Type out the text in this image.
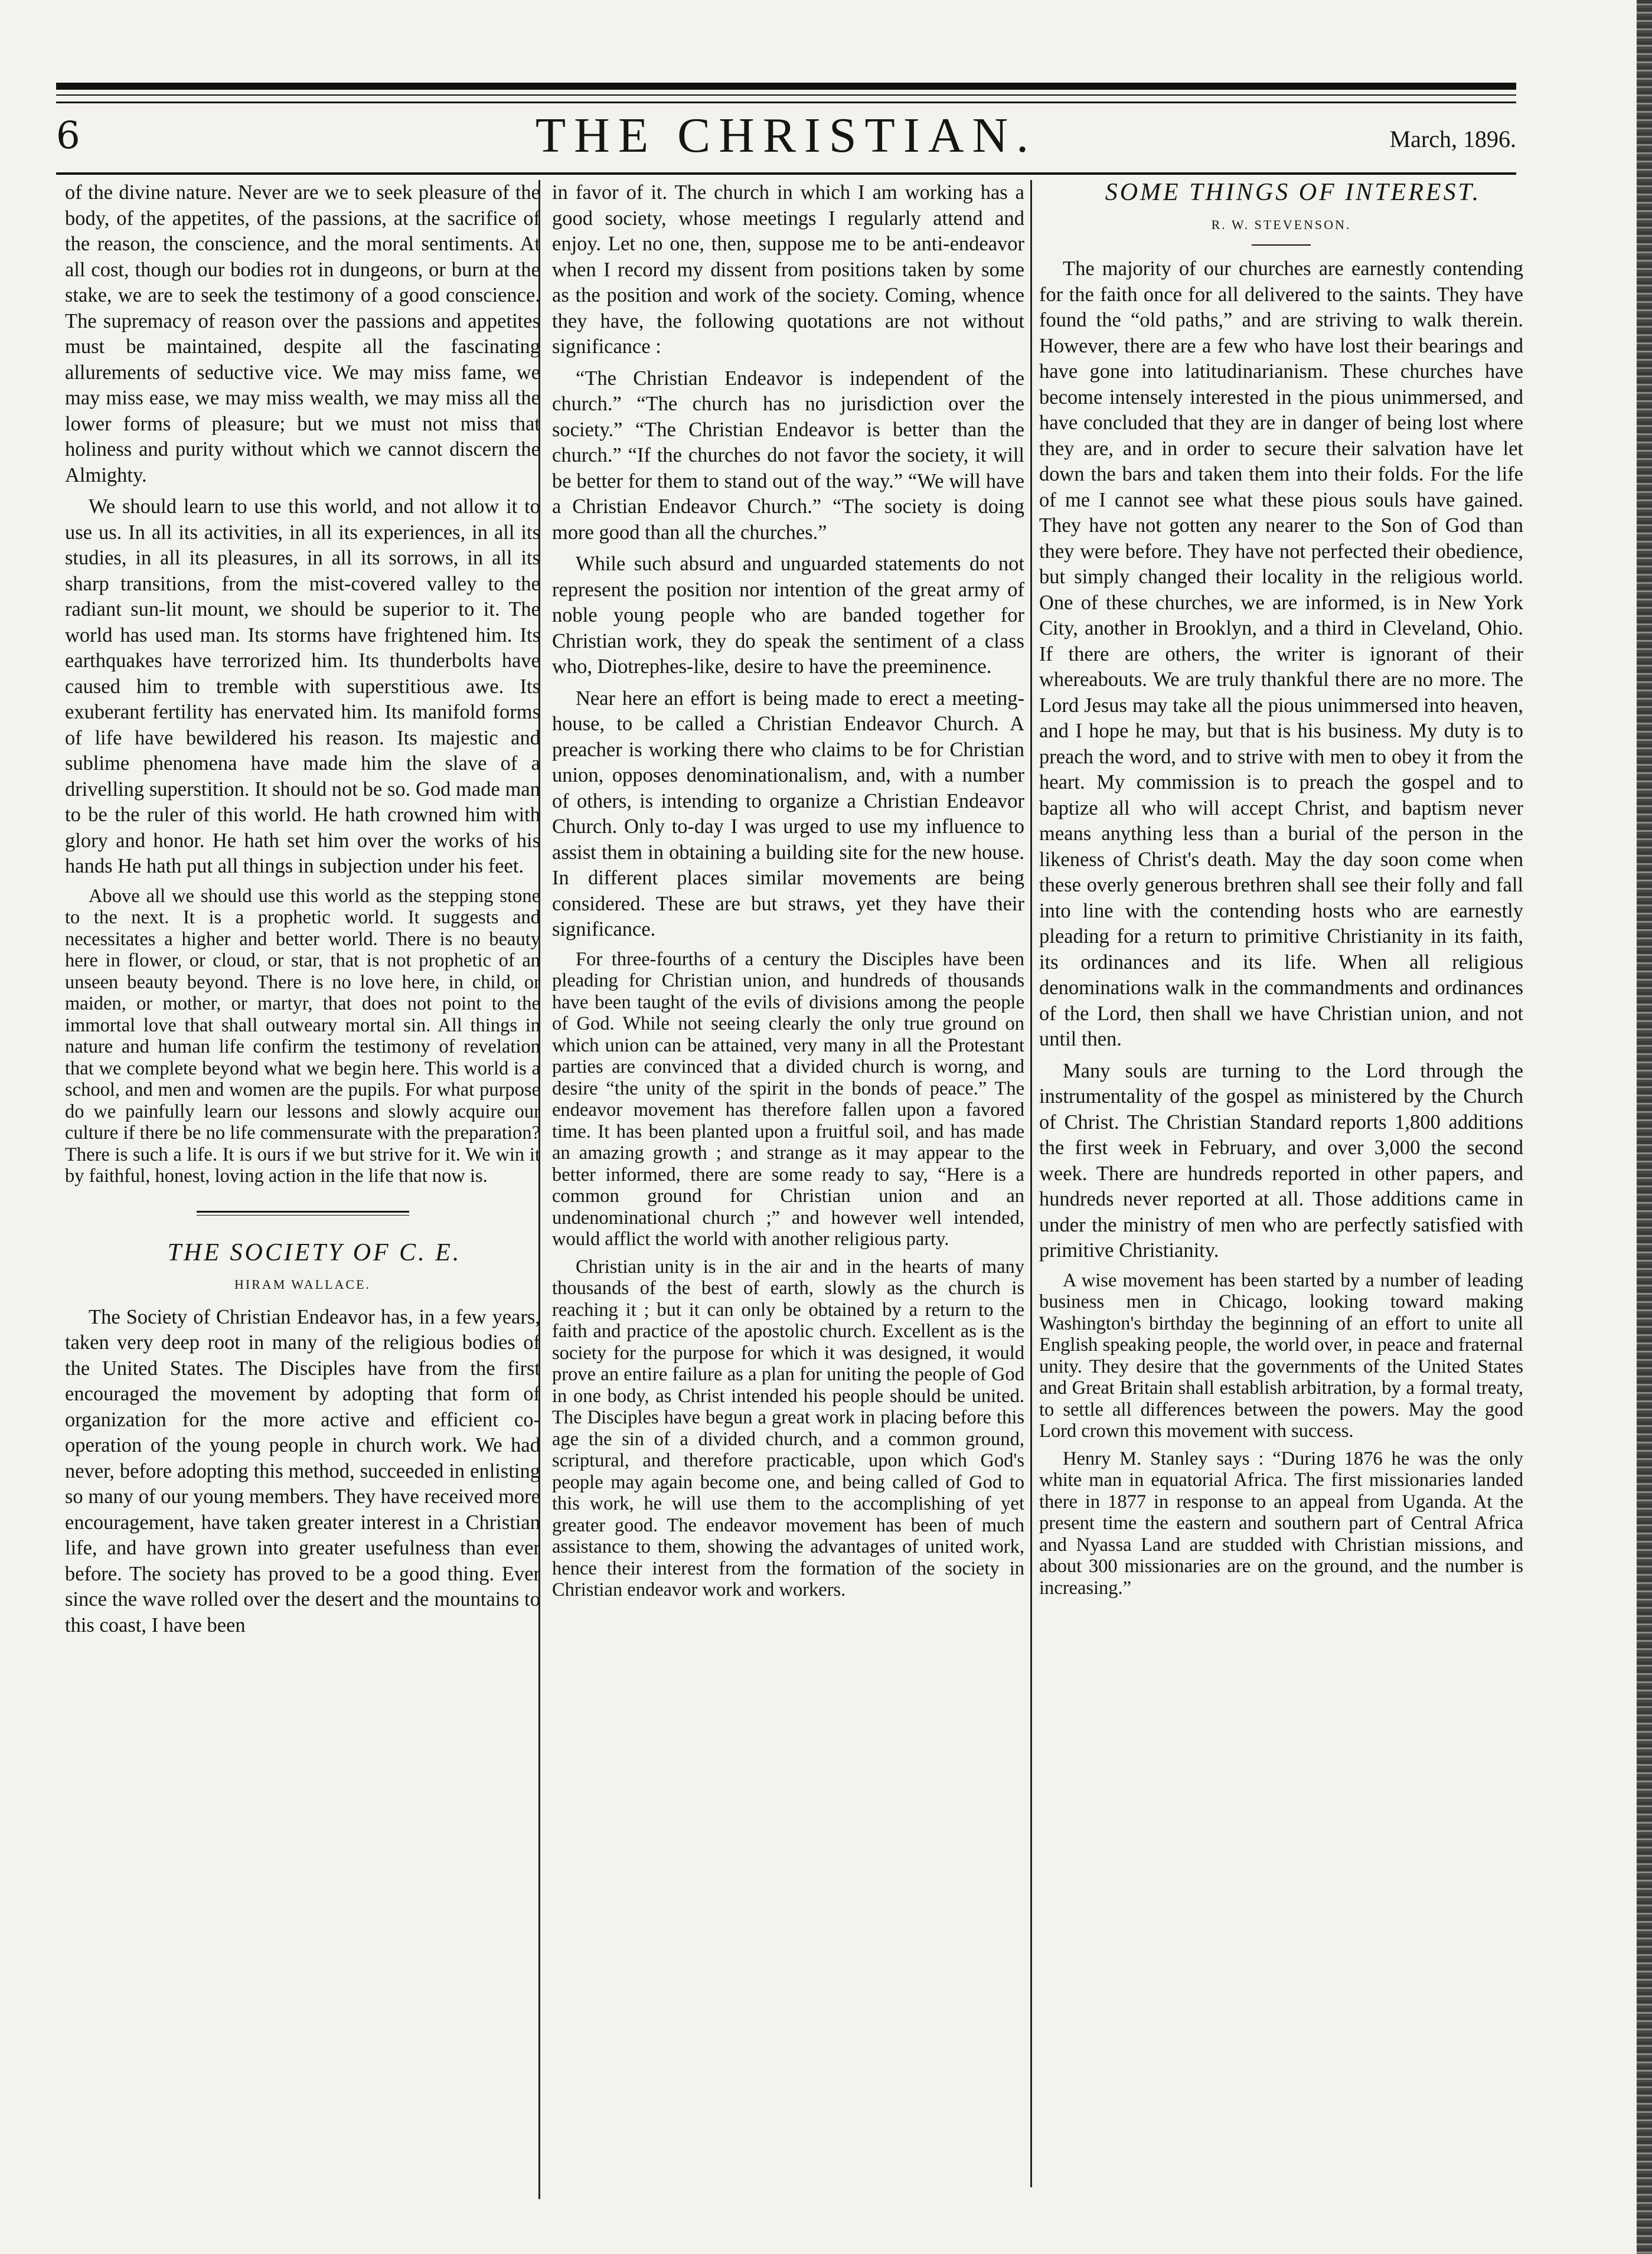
6	THE CHRISTIAN.	March, 1896.

of the divine nature. Never are we to seek pleasure of the body, of the appetites, of the passions, at the sacrifice of the reason, the conscience, and the moral sentiments. At all cost, though our bodies rot in dungeons, or burn at the stake, we are to seek the testimony of a good conscience. The supremacy of reason over the passions and appetites must be maintained, despite all the fascinating allurements of seductive vice. We may miss fame, we may miss ease, we may miss wealth, we may miss all the lower forms of pleasure; but we must not miss that holiness and purity without which we cannot discern the Almighty.

We should learn to use this world, and not allow it to use us. In all its activities, in all its experiences, in all its studies, in all its pleasures, in all its sorrows, in all its sharp transitions, from the mist-covered valley to the radiant sun-lit mount, we should be superior to it. The world has used man. Its storms have frightened him. Its earthquakes have terrorized him. Its thunderbolts have caused him to tremble with superstitious awe. Its exuberant fertility has enervated him. Its manifold forms of life have bewildered his reason. Its majestic and sublime phenomena have made him the slave of a drivelling superstition. It should not be so. God made man to be the ruler of this world. He hath crowned him with glory and honor. He hath set him over the works of his hands He hath put all things in subjection under his feet.

Above all we should use this world as the stepping stone to the next. It is a prophetic world. It suggests and necessitates a higher and better world. There is no beauty here in flower, or cloud, or star, that is not prophetic of an unseen beauty beyond. There is no love here, in child, or maiden, or mother, or martyr, that does not point to the immortal love that shall outweary mortal sin. All things in nature and human life confirm the testimony of revelation that we complete beyond what we begin here. This world is a school, and men and women are the pupils. For what purpose do we painfully learn our lessons and slowly acquire our culture if there be no life commensurate with the preparation? There is such a life. It is ours if we but strive for it. We win it by faithful, honest, loving action in the life that now is.

THE SOCIETY OF C. E.

HIRAM WALLACE.

The Society of Christian Endeavor has, in a few years, taken very deep root in many of the religious bodies of the United States. The Disciples have from the first encouraged the movement by adopting that form of organization for the more active and efficient co-operation of the young people in church work. We had never, before adopting this method, succeeded in enlisting so many of our young members. They have received more encouragement, have taken greater interest in a Christian life, and have grown into greater usefulness than ever before. The society has proved to be a good thing. Ever since the wave rolled over the desert and the mountains to this coast, I have been

in favor of it. The church in which I am working has a good society, whose meetings I regularly attend and enjoy. Let no one, then, suppose me to be anti-endeavor when I record my dissent from positions taken by some as the position and work of the society. Coming, whence they have, the following quotations are not without significance :

“The Christian Endeavor is independent of the church.” “The church has no jurisdiction over the society.” “The Christian Endeavor is better than the church.” “If the churches do not favor the society, it will be better for them to stand out of the way.” “We will have a Christian Endeavor Church.” “The society is doing more good than all the churches.”

While such absurd and unguarded statements do not represent the position nor intention of the great army of noble young people who are banded together for Christian work, they do speak the sentiment of a class who, Diotrephes-like, desire to have the preeminence.

Near here an effort is being made to erect a meeting-house, to be called a Christian Endeavor Church. A preacher is working there who claims to be for Christian union, opposes denominationalism, and, with a number of others, is intending to organize a Christian Endeavor Church. Only to-day I was urged to use my influence to assist them in obtaining a building site for the new house. In different places similar movements are being considered. These are but straws, yet they have their significance.

For three-fourths of a century the Disciples have been pleading for Christian union, and hundreds of thousands have been taught of the evils of divisions among the people of God. While not seeing clearly the only true ground on which union can be attained, very many in all the Protestant parties are convinced that a divided church is worng, and desire “the unity of the spirit in the bonds of peace.” The endeavor movement has therefore fallen upon a favored time. It has been planted upon a fruitful soil, and has made an amazing growth ; and strange as it may appear to the better informed, there are some ready to say, “Here is a common ground for Christian union and an undenominational church ;” and however well intended, would afflict the world with another religious party.

Christian unity is in the air and in the hearts of many thousands of the best of earth, slowly as the church is reaching it ; but it can only be obtained by a return to the faith and practice of the apostolic church. Excellent as is the society for the purpose for which it was designed, it would prove an entire failure as a plan for uniting the people of God in one body, as Christ intended his people should be united. The Disciples have begun a great work in placing before this age the sin of a divided church, and a common ground, scriptural, and therefore practicable, upon which God's people may again become one, and being called of God to this work, he will use them to the accomplishing of yet greater good. The endeavor movement has been of much assistance to them, showing the advantages of united work, hence their interest from the formation of the society in Christian endeavor work and workers.

SOME THINGS OF INTEREST.

R. W. STEVENSON.

The majority of our churches are earnestly contending for the faith once for all delivered to the saints. They have found the “old paths,” and are striving to walk therein. However, there are a few who have lost their bearings and have gone into latitudinarianism. These churches have become intensely interested in the pious unimmersed, and have concluded that they are in danger of being lost where they are, and in order to secure their salvation have let down the bars and taken them into their folds. For the life of me I cannot see what these pious souls have gained. They have not gotten any nearer to the Son of God than they were before. They have not perfected their obedience, but simply changed their locality in the religious world. One of these churches, we are informed, is in New York City, another in Brooklyn, and a third in Cleveland, Ohio. If there are others, the writer is ignorant of their whereabouts. We are truly thankful there are no more. The Lord Jesus may take all the pious unimmersed into heaven, and I hope he may, but that is his business. My duty is to preach the word, and to strive with men to obey it from the heart. My commission is to preach the gospel and to baptize all who will accept Christ, and baptism never means anything less than a burial of the person in the likeness of Christ's death. May the day soon come when these overly generous brethren shall see their folly and fall into line with the contending hosts who are earnestly pleading for a return to primitive Christianity in its faith, its ordinances and its life. When all religious denominations walk in the commandments and ordinances of the Lord, then shall we have Christian union, and not until then.

Many souls are turning to the Lord through the instrumentality of the gospel as ministered by the Church of Christ. The Christian Standard reports 1,800 additions the first week in February, and over 3,000 the second week. There are hundreds reported in other papers, and hundreds never reported at all. Those additions came in under the ministry of men who are perfectly satisfied with primitive Christianity.

A wise movement has been started by a number of leading business men in Chicago, looking toward making Washington's birthday the beginning of an effort to unite all English speaking people, the world over, in peace and fraternal unity. They desire that the governments of the United States and Great Britain shall establish arbitration, by a formal treaty, to settle all differences between the powers. May the good Lord crown this movement with success.

Henry M. Stanley says : “During 1876 he was the only white man in equatorial Africa. The first missionaries landed there in 1877 in response to an appeal from Uganda. At the present time the eastern and southern part of Central Africa and Nyassa Land are studded with Christian missions, and about 300 missionaries are on the ground, and the number is increasing.”
